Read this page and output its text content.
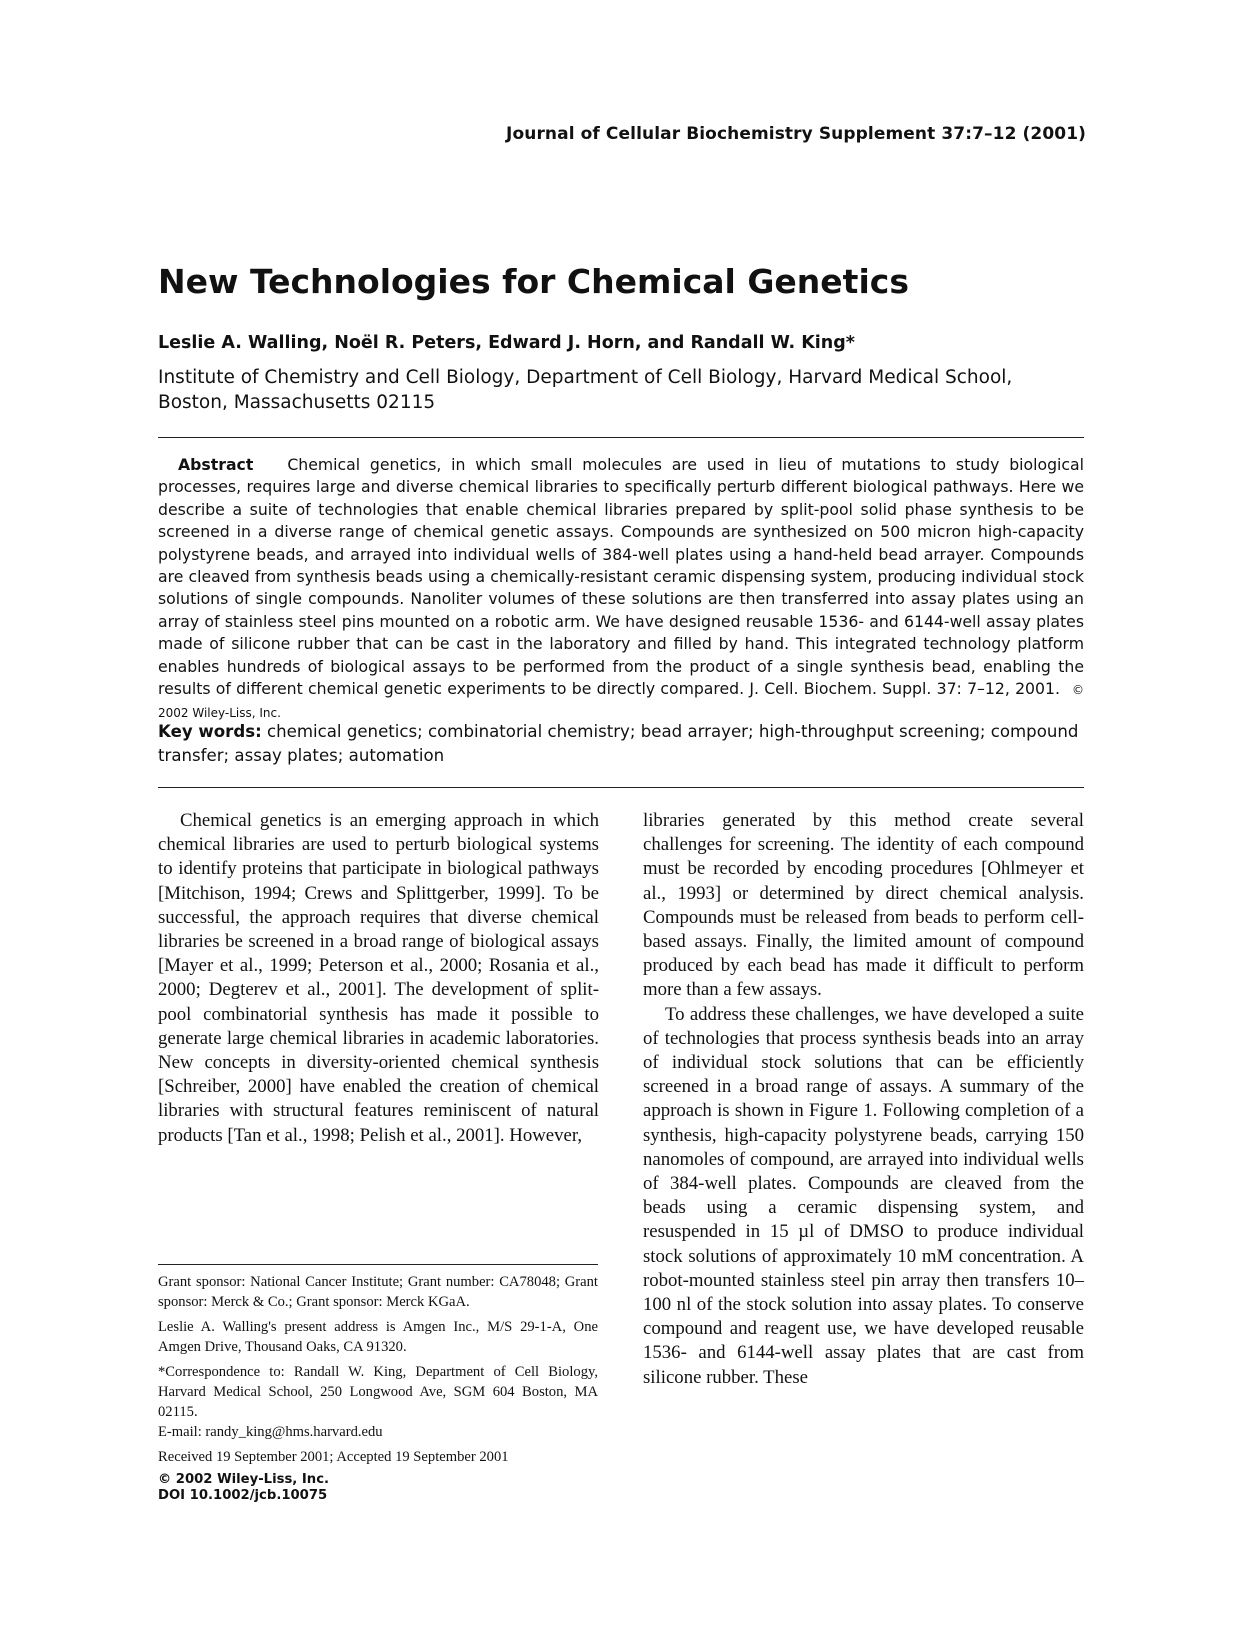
Journal of Cellular Biochemistry Supplement 37:7–12 (2001)
New Technologies for Chemical Genetics
Leslie A. Walling, Noël R. Peters, Edward J. Horn, and Randall W. King*
Institute of Chemistry and Cell Biology, Department of Cell Biology, Harvard Medical School, Boston, Massachusetts 02115

Abstract Chemical genetics, in which small molecules are used in lieu of mutations to study biological processes, requires large and diverse chemical libraries to specifically perturb different biological pathways. Here we describe a suite of technologies that enable chemical libraries prepared by split-pool solid phase synthesis to be screened in a diverse range of chemical genetic assays. Compounds are synthesized on 500 micron high-capacity polystyrene beads, and arrayed into individual wells of 384-well plates using a hand-held bead arrayer. Compounds are cleaved from synthesis beads using a chemically-resistant ceramic dispensing system, producing individual stock solutions of single compounds. Nanoliter volumes of these solutions are then transferred into assay plates using an array of stainless steel pins mounted on a robotic arm. We have designed reusable 1536- and 6144-well assay plates made of silicone rubber that can be cast in the laboratory and filled by hand. This integrated technology platform enables hundreds of biological assays to be performed from the product of a single synthesis bead, enabling the results of different chemical genetic experiments to be directly compared. J. Cell. Biochem. Suppl. 37: 7–12, 2001. © 2002 Wiley-Liss, Inc.

Key words: chemical genetics; combinatorial chemistry; bead arrayer; high-throughput screening; compound transfer; assay plates; automation

Chemical genetics is an emerging approach in which chemical libraries are used to perturb biological systems to identify proteins that participate in biological pathways [Mitchison, 1994; Crews and Splittgerber, 1999]. To be successful, the approach requires that diverse chemical libraries be screened in a broad range of biological assays [Mayer et al., 1999; Peterson et al., 2000; Rosania et al., 2000; Degterev et al., 2001]. The development of split-pool combinatorial synthesis has made it possible to generate large chemical libraries in academic laboratories. New concepts in diversity-oriented chemical synthesis [Schreiber, 2000] have enabled the creation of chemical libraries with structural features reminiscent of natural products [Tan et al., 1998; Pelish et al., 2001]. However,

libraries generated by this method create several challenges for screening. The identity of each compound must be recorded by encoding procedures [Ohlmeyer et al., 1993] or determined by direct chemical analysis. Compounds must be released from beads to perform cell-based assays. Finally, the limited amount of compound produced by each bead has made it difficult to perform more than a few assays.

To address these challenges, we have developed a suite of technologies that process synthesis beads into an array of individual stock solutions that can be efficiently screened in a broad range of assays. A summary of the approach is shown in Figure 1. Following completion of a synthesis, high-capacity polystyrene beads, carrying 150 nanomoles of compound, are arrayed into individual wells of 384-well plates. Compounds are cleaved from the beads using a ceramic dispensing system, and resuspended in 15 µl of DMSO to produce individual stock solutions of approximately 10 mM concentration. A robot-mounted stainless steel pin array then transfers 10–100 nl of the stock solution into assay plates. To conserve compound and reagent use, we have developed reusable 1536- and 6144-well assay plates that are cast from silicone rubber. These

Grant sponsor: National Cancer Institute; Grant number: CA78048; Grant sponsor: Merck & Co.; Grant sponsor: Merck KGaA.

Leslie A. Walling's present address is Amgen Inc., M/S 29-1-A, One Amgen Drive, Thousand Oaks, CA 91320.

*Correspondence to: Randall W. King, Department of Cell Biology, Harvard Medical School, 250 Longwood Ave, SGM 604 Boston, MA 02115.

E-mail: randy_king@hms.harvard.edu

Received 19 September 2001; Accepted 19 September 2001

© 2002 Wiley-Liss, Inc.

DOI 10.1002/jcb.10075
